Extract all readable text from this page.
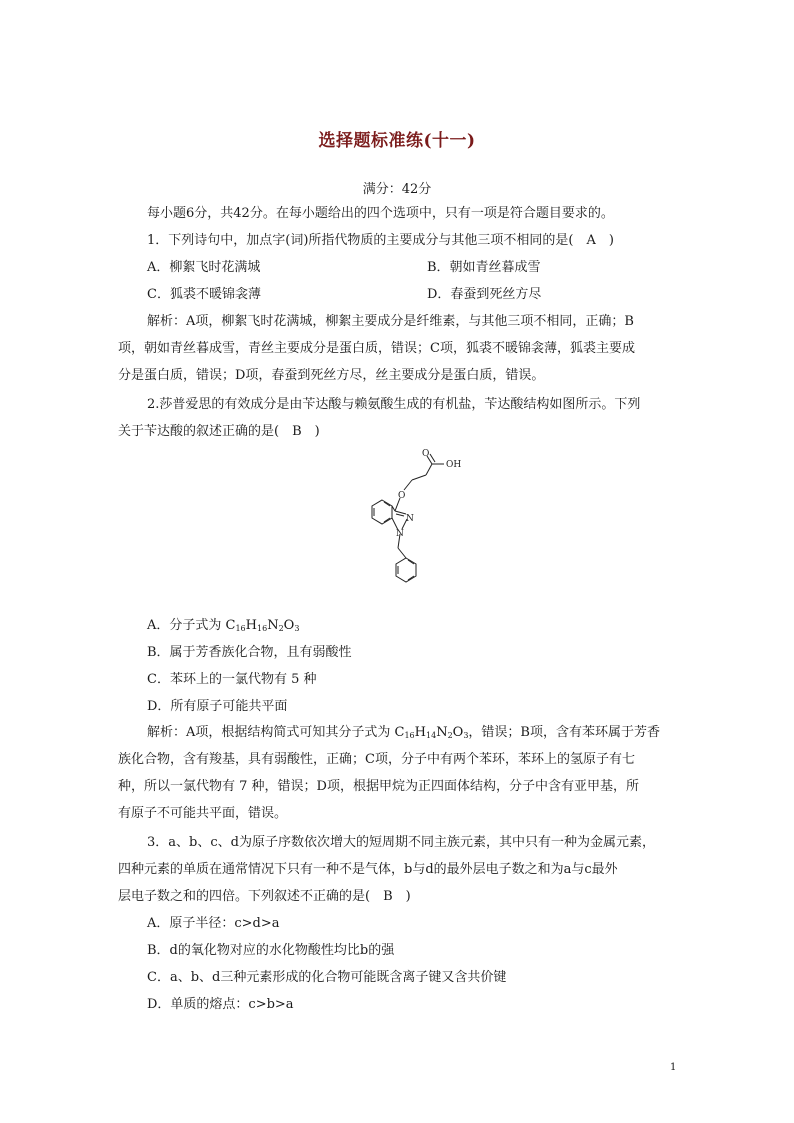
选择题标准练(十一)
满分：42分
每小题6分，共42分。在每小题给出的四个选项中，只有一项是符合题目要求的。
1．下列诗句中，加点字(词)所指代物质的主要成分与其他三项不相同的是(　A　)
A．柳絮飞时花满城	B．朝如青丝暮成雪
C．狐裘不暖锦衾薄	D．春蚕到死丝方尽
解析：A项，柳絮飞时花满城，柳絮主要成分是纤维素，与其他三项不相同，正确；B
项，朝如青丝暮成雪，青丝主要成分是蛋白质，错误；C项，狐裘不暖锦衾薄，狐裘主要成
分是蛋白质，错误；D项，春蚕到死丝方尽，丝主要成分是蛋白质，错误。
2.莎普爱思的有效成分是由苄达酸与赖氨酸生成的有机盐，苄达酸结构如图所示。下列
关于苄达酸的叙述正确的是(　B　)
OH
O
O
N
N
A．分子式为 $C_{16}H_{16}N_2O_3$
B．属于芳香族化合物，且有弱酸性
C．苯环上的一氯代物有 5 种
D．所有原子可能共平面
解析：A项，根据结构简式可知其分子式为 $C_{16}H_{14}N_2O_3$，错误；B项，含有苯环属于芳香
族化合物，含有羧基，具有弱酸性，正确；C项，分子中有两个苯环，苯环上的氢原子有七
种，所以一氯代物有 7 种，错误；D项，根据甲烷为正四面体结构，分子中含有亚甲基，所
有原子不可能共平面，错误。
3．a、b、c、d为原子序数依次增大的短周期不同主族元素，其中只有一种为金属元素，
四种元素的单质在通常情况下只有一种不是气体，b与d的最外层电子数之和为a与c最外
层电子数之和的四倍。下列叙述不正确的是(　B　)
A．原子半径：c>d>a
B．d的氧化物对应的水化物酸性均比b的强
C．a、b、d三种元素形成的化合物可能既含离子键又含共价键
D．单质的熔点：c>b>a
1
